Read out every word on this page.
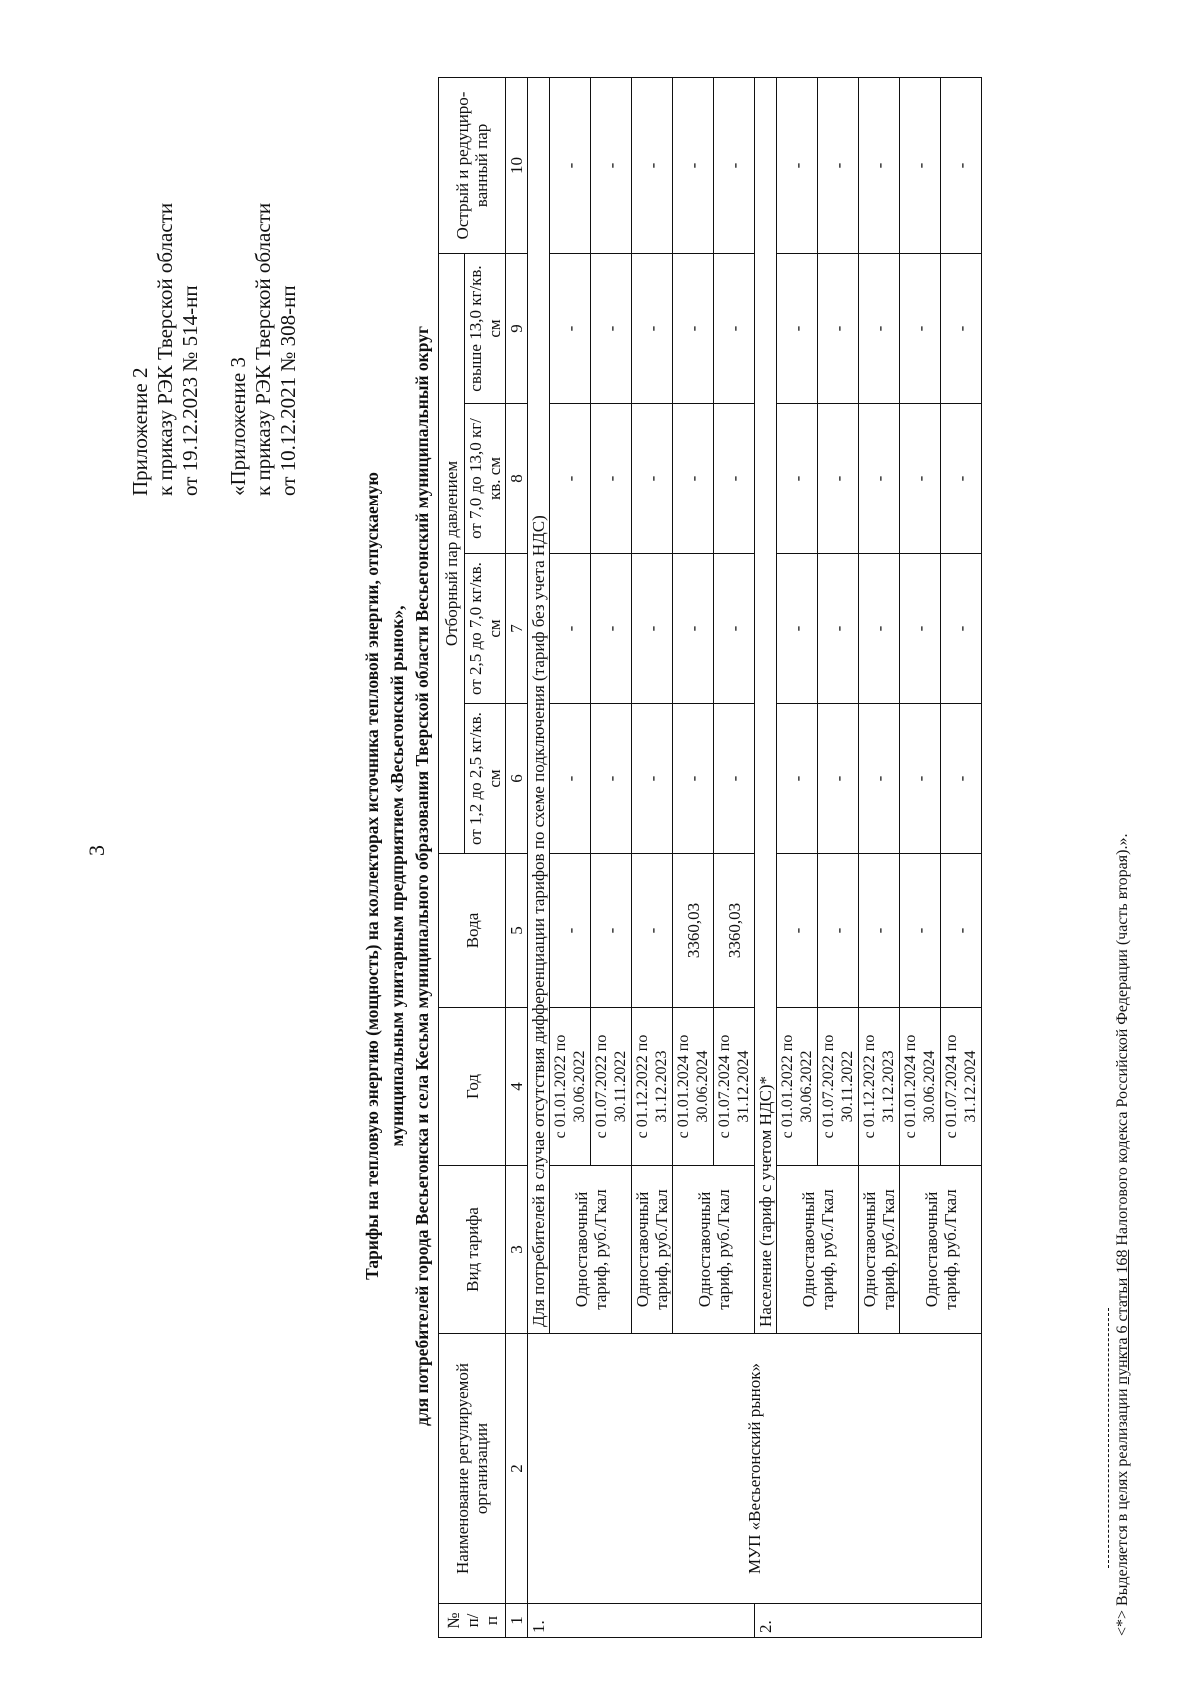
3
Приложение 2 к приказу РЭК Тверской области от 19.12.2023 № 514-нп «Приложение 3 к приказу РЭК Тверской области от 10.12.2021 № 308-нп
Тарифы на тепловую энергию (мощность) на коллекторах источника тепловой энергии, отпускаемую муниципальным унитарным предприятием «Весьегонский рынок», для потребителей города Весьегонска и села Кесьма муниципального образования Тверской области Весьегонский муниципальный округ
№ п/ п	Наименование регулируемой организации	Вид тарифа	Год	Вода	Отборный пар давлением				Острый и редуциро-ванный пар
					от 1,2 до 2,5 кг/кв. см	от 2,5 до 7,0 кг/кв. см	от 7,0 до 13,0 кг/кв. см	свыше 13,0 кг/кв. см	
1	2	3	4	5	6	7	8	9	10
1.	МУП «Весьегонский рынок»	Для потребителей в случае отсутствия дифференциации тарифов по схеме подключения (тариф без учета НДС)							
		Одноставочный тариф, руб./Гкал	с 01.01.2022 по 30.06.2022	-	-	-	-	-	-
			с 01.07.2022 по 30.11.2022	-	-	-	-	-	-
		Одноставочный тариф, руб./Гкал	с 01.12.2022 по 31.12.2023	-	-	-	-	-	-
		Одноставочный тариф, руб./Гкал	с 01.01.2024 по 30.06.2024	3360,03	-	-	-	-	-
			с 01.07.2024 по 31.12.2024	3360,03	-	-	-	-	-
2.		Население (тариф с учетом НДС)*							
		Одноставочный тариф, руб./Гкал	с 01.01.2022 по 30.06.2022	-	-	-	-	-	-
			с 01.07.2022 по 30.11.2022	-	-	-	-	-	-
		Одноставочный тариф, руб./Гкал	с 01.12.2022 по 31.12.2023	-	-	-	-	-	-
		Одноставочный тариф, руб./Гкал	с 01.01.2024 по 30.06.2024	-	-	-	-	-	-
			с 01.07.2024 по 31.12.2024	-	-	-	-	-	-
<*> Выделяется в целях реализации пункта 6 статьи 168 Налогового кодекса Российской Федерации (часть вторая).».
